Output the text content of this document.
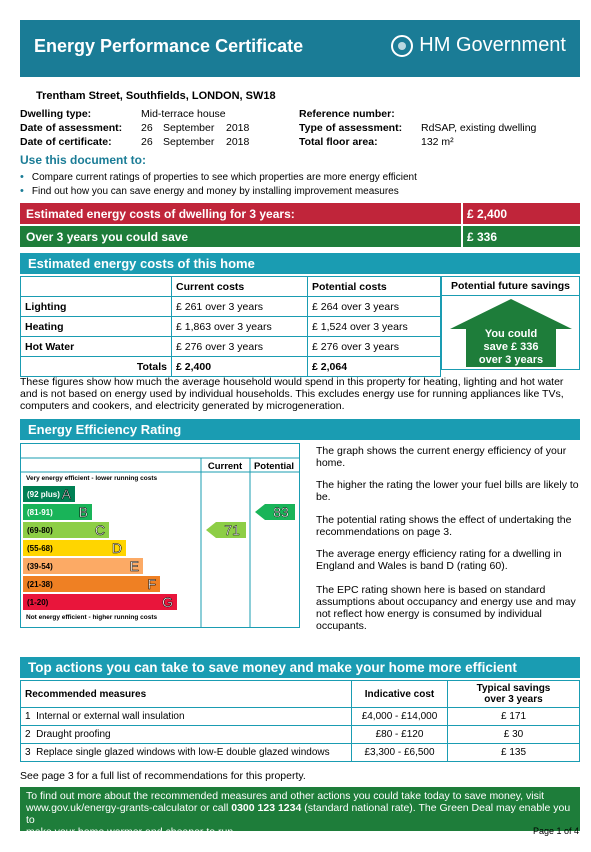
Energy Performance Certificate	HM Government
Trentham Street, Southfields, LONDON, SW18
Dwelling type:	Mid-terrace house
Date of assessment: 26 September 2018
Date of certificate:	26 September 2018
Reference number:
Type of assessment: RdSAP, existing dwelling
Total floor area:	132 m²
Use this document to:
• Compare current ratings of properties to see which properties are more energy efficient
• Find out how you can save energy and money by installing improvement measures
Estimated energy costs of dwelling for 3 years:	£ 2,400
Over 3 years you could save	£ 336
Estimated energy costs of this home
	Current costs	Potential costs
Lighting	£ 261 over 3 years	£ 264 over 3 years
Heating	£ 1,863 over 3 years	£ 1,524 over 3 years
Hot Water	£ 276 over 3 years	£ 276 over 3 years
Totals	£ 2,400	£ 2,064
Potential future savings
You could
save £ 336
over 3 years
These figures show how much the average household would spend in this property for heating, lighting and hot water and is not based on energy used by individual households. This excludes energy use for running appliances like TVs, computers and cookers, and electricity generated by microgeneration.
Energy Efficiency Rating
Current Potential
Very energy efficient - lower running costs
Not energy efficient - higher running costs
(92 plus) A
(81-91) B
(69-80)	C
(55-68)	D
(39-54)	E
(21-38)	F
(1-20)	G
71
83
The graph shows the current energy efficiency of your home.
The higher the rating the lower your fuel bills are likely to be.
The potential rating shows the effect of undertaking the recommendations on page 3.
The average energy efficiency rating for a dwelling in England and Wales is band D (rating 60).
The EPC rating shown here is based on standard assumptions about occupancy and energy use and may not reflect how energy is consumed by individual occupants.
Top actions you can take to save money and make your home more efficient
Recommended measures	Indicative cost	Typical savings
over 3 years
1 Internal or external wall insulation	£4,000 - £14,000	£ 171
2 Draught proofing	£80 - £120	£ 30
3 Replace single glazed windows with low-E double glazed windows	£3,300 - £6,500	£ 135
See page 3 for a full list of recommendations for this property.
To find out more about the recommended measures and other actions you could take today to save money, visit
www.gov.uk/energy-grants-calculator or call 0300 123 1234 (standard national rate). The Green Deal may enable you to
make your home warmer and cheaper to run.	Page 1 of 4
